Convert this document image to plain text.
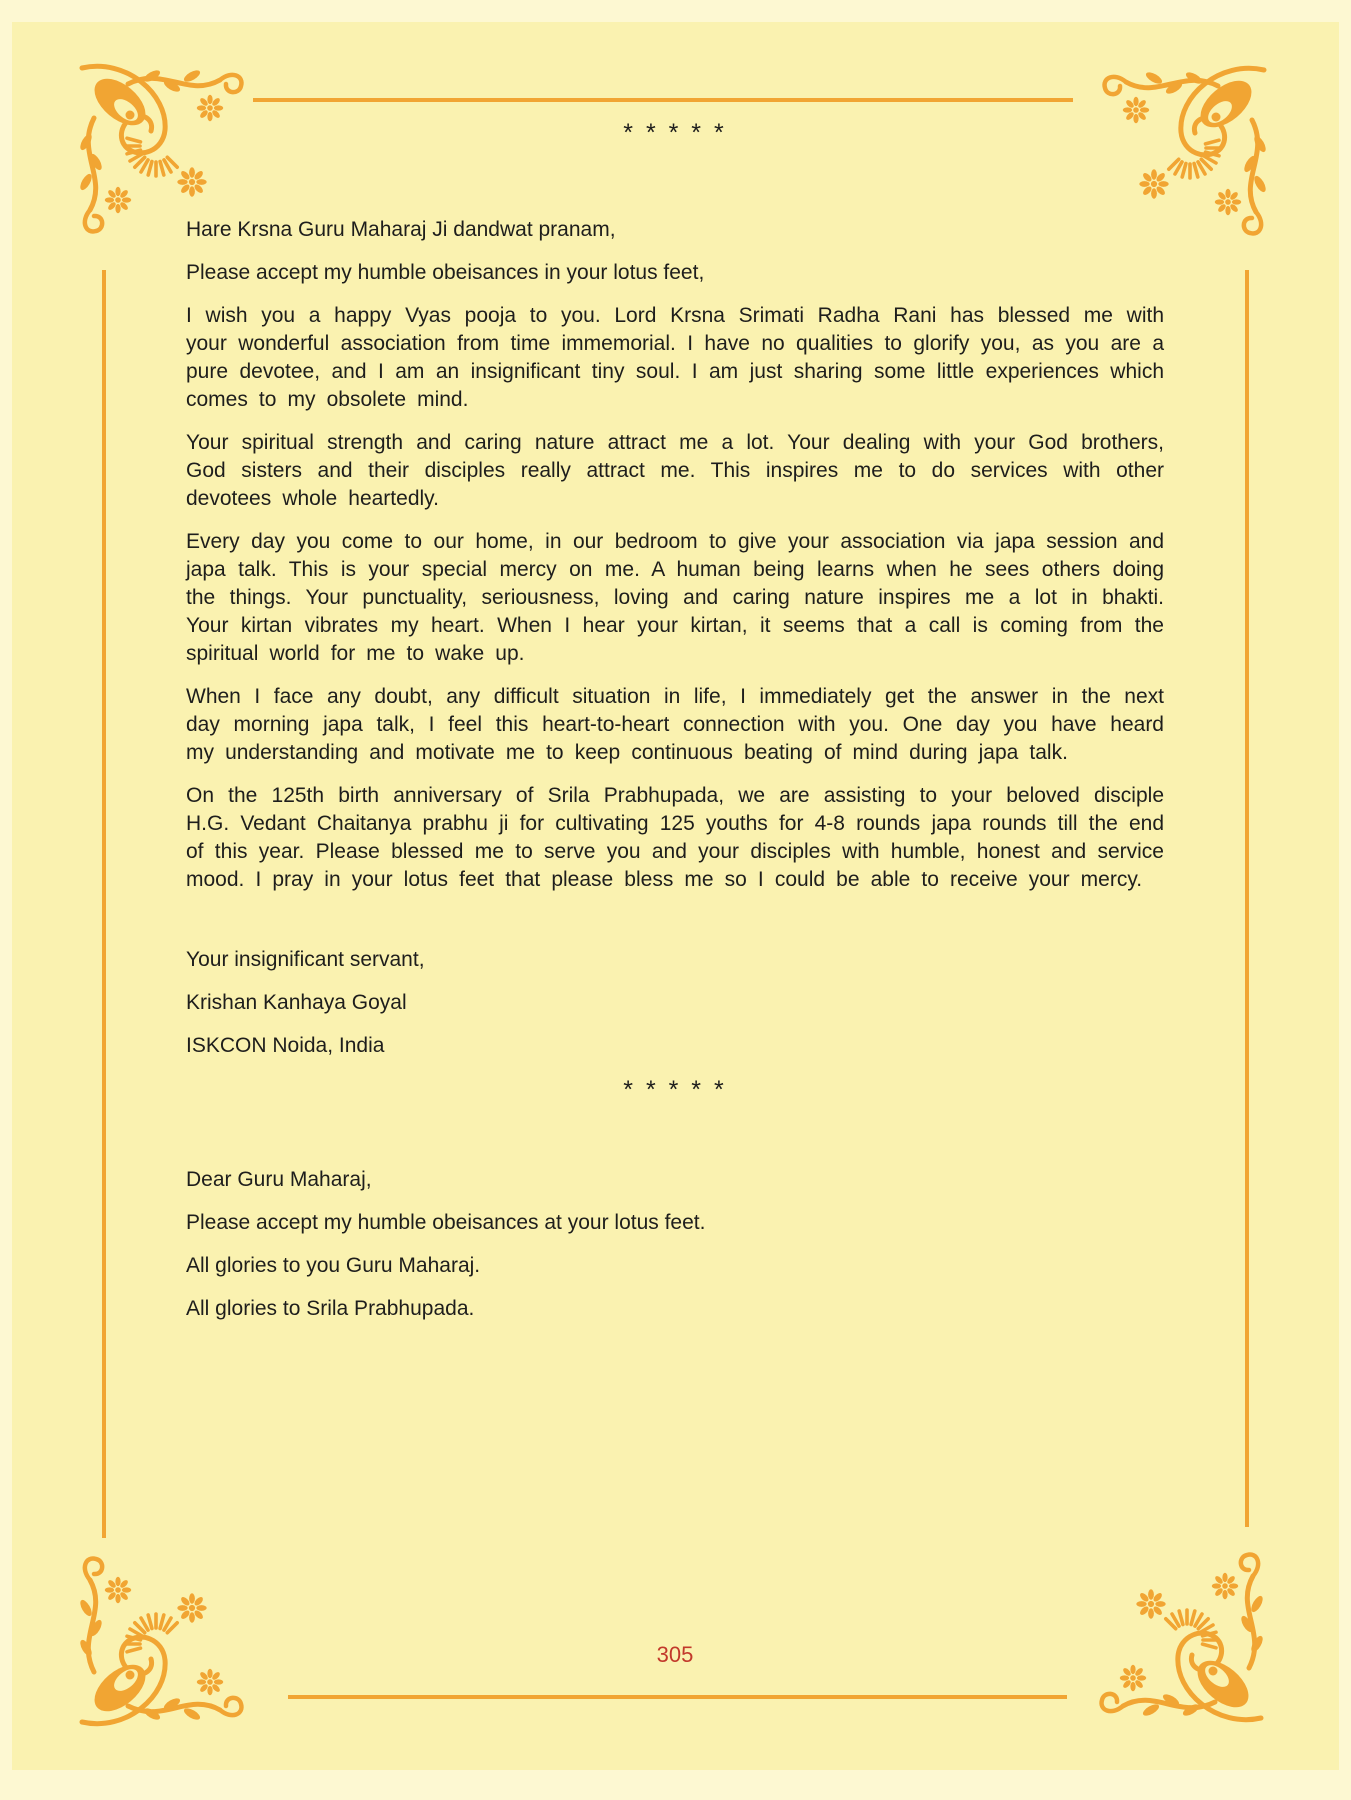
* * * * *

Hare Krsna Guru Maharaj Ji dandwat pranam,

Please accept my humble obeisances in your lotus feet,

I wish you a happy Vyas pooja to you. Lord Krsna Srimati Radha Rani has blessed me with your wonderful association from time immemorial. I have no qualities to glorify you, as you are a pure devotee, and I am an insignificant tiny soul. I am just sharing some little experiences which comes to my obsolete mind.

Your spiritual strength and caring nature attract me a lot. Your dealing with your God brothers, God sisters and their disciples really attract me. This inspires me to do services with other devotees whole heartedly.

Every day you come to our home, in our bedroom to give your association via japa session and japa talk. This is your special mercy on me. A human being learns when he sees others doing the things. Your punctuality, seriousness, loving and caring nature inspires me a lot in bhakti. Your kirtan vibrates my heart. When I hear your kirtan, it seems that a call is coming from the spiritual world for me to wake up.

When I face any doubt, any difficult situation in life, I immediately get the answer in the next day morning japa talk, I feel this heart-to-heart connection with you. One day you have heard my understanding and motivate me to keep continuous beating of mind during japa talk.

On the 125th birth anniversary of Srila Prabhupada, we are assisting to your beloved disciple H.G. Vedant Chaitanya prabhu ji for cultivating 125 youths for 4-8 rounds japa rounds till the end of this year. Please blessed me to serve you and your disciples with humble, honest and service mood. I pray in your lotus feet that please bless me so I could be able to receive your mercy.

Your insignificant servant,

Krishan Kanhaya Goyal

ISKCON Noida, India

* * * * *

Dear Guru Maharaj,

Please accept my humble obeisances at your lotus feet.

All glories to you Guru Maharaj.

All glories to Srila Prabhupada.

305
